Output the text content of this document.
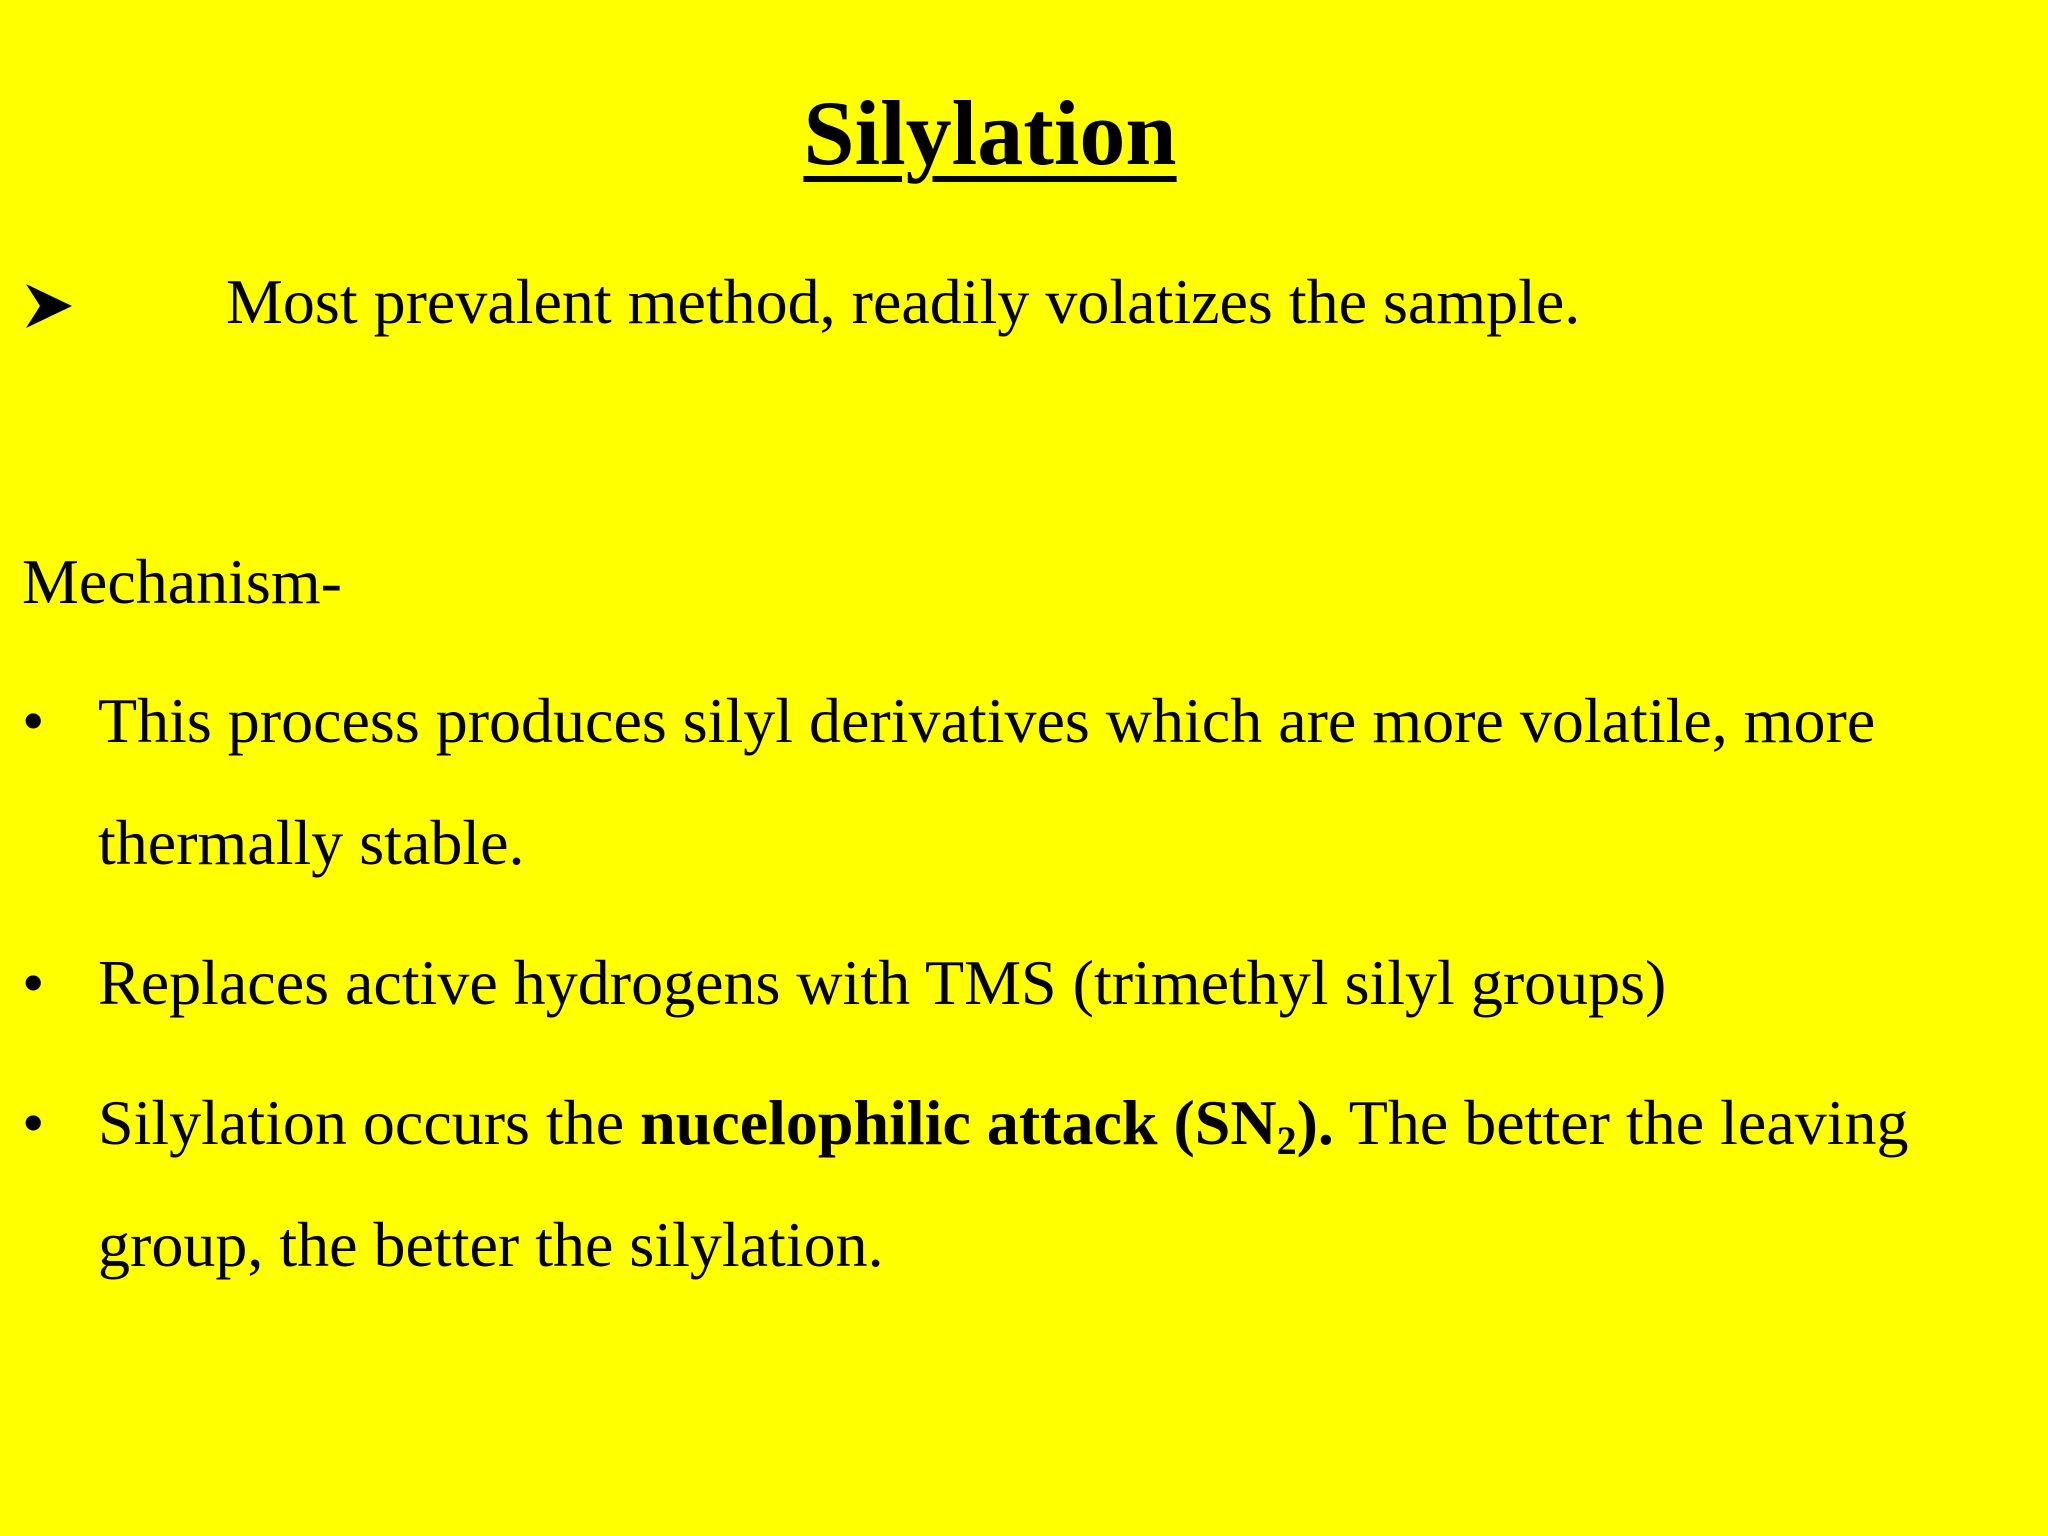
Silylation
Most prevalent method, readily volatizes the sample.
Mechanism-
• This process produces silyl derivatives which are more volatile, more thermally stable.
• Replaces active hydrogens with TMS (trimethyl silyl groups)
• Silylation occurs the nucelophilic attack $(SN_2)$. The better the leaving group, the better the silylation.
